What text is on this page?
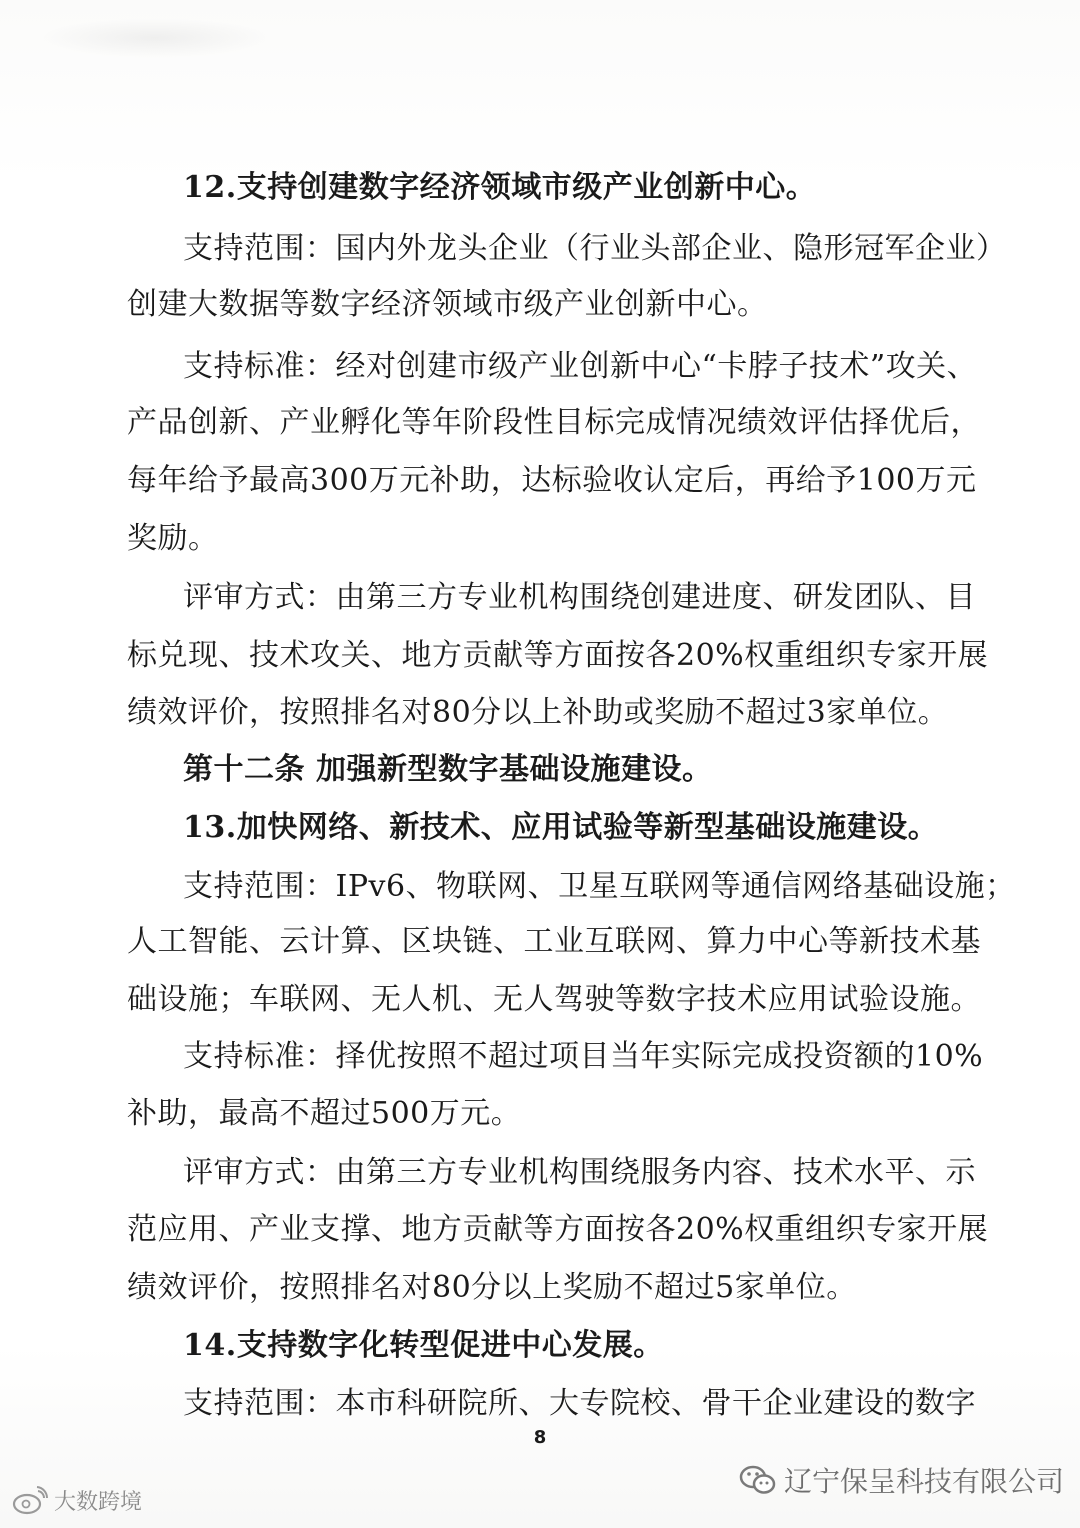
12.支持创建数字经济领域市级产业创新中心。
支持范围：国内外龙头企业（行业头部企业、隐形冠军企业）
创建大数据等数字经济领域市级产业创新中心。
支持标准：经对创建市级产业创新中心“卡脖子技术”攻关、
产品创新、产业孵化等年阶段性目标完成情况绩效评估择优后，
每年给予最高300万元补助，达标验收认定后，再给予100万元
奖励。
评审方式：由第三方专业机构围绕创建进度、研发团队、目
标兑现、技术攻关、地方贡献等方面按各20%权重组织专家开展
绩效评价，按照排名对80分以上补助或奖励不超过3家单位。
第十二条 加强新型数字基础设施建设。
13.加快网络、新技术、应用试验等新型基础设施建设。
支持范围：IPv6、物联网、卫星互联网等通信网络基础设施；
人工智能、云计算、区块链、工业互联网、算力中心等新技术基
础设施；车联网、无人机、无人驾驶等数字技术应用试验设施。
支持标准：择优按照不超过项目当年实际完成投资额的10%
补助，最高不超过500万元。
评审方式：由第三方专业机构围绕服务内容、技术水平、示
范应用、产业支撑、地方贡献等方面按各20%权重组织专家开展
绩效评价，按照排名对80分以上奖励不超过5家单位。
14.支持数字化转型促进中心发展。
支持范围：本市科研院所、大专院校、骨干企业建设的数字
8
辽宁保呈科技有限公司
大数跨境
